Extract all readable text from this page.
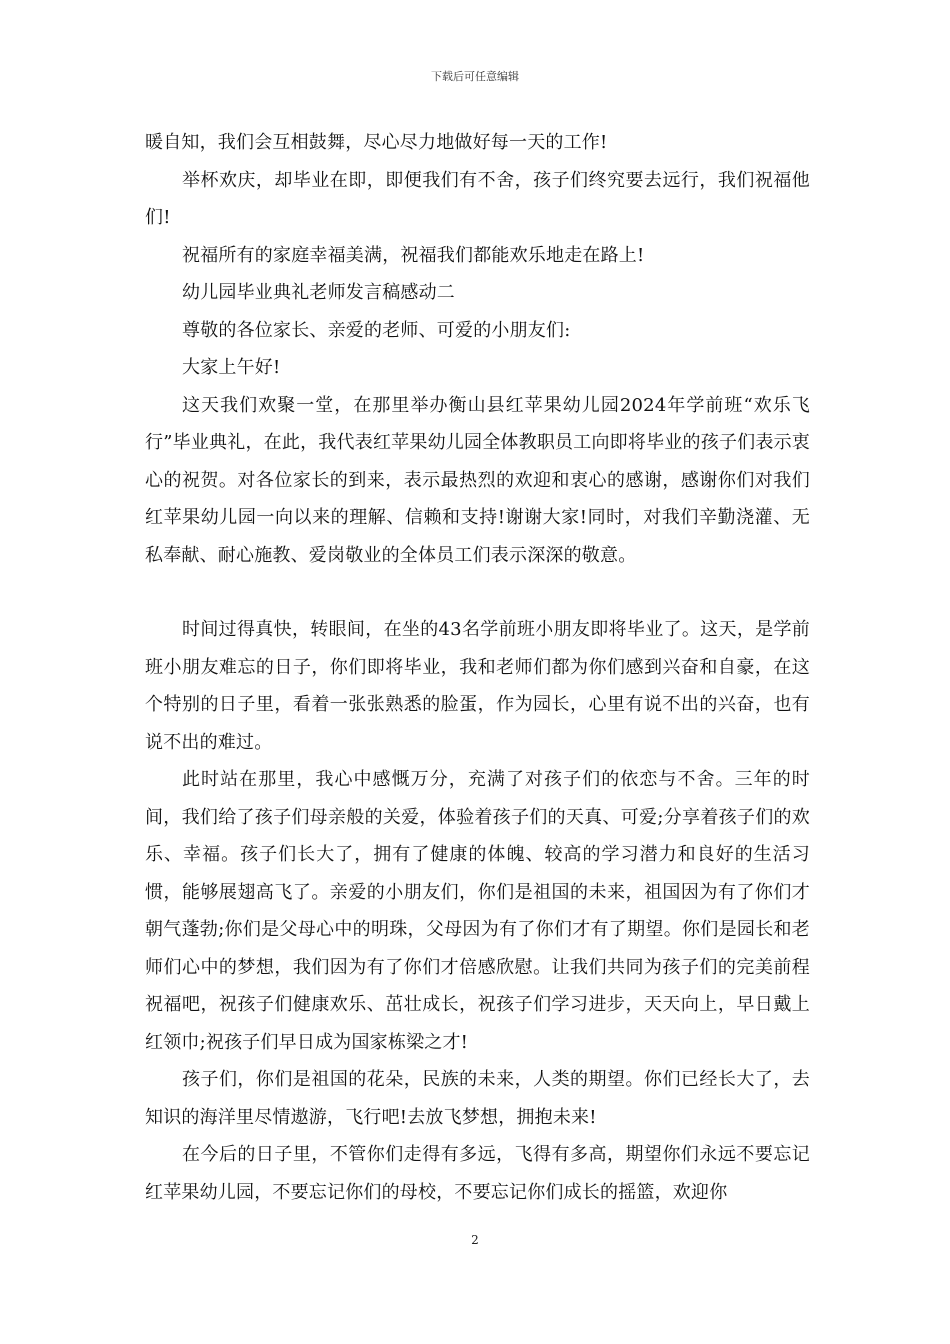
下载后可任意编辑

暖自知，我们会互相鼓舞，尽心尽力地做好每一天的工作!

举杯欢庆，却毕业在即，即便我们有不舍，孩子们终究要去远行，我们祝福他们!

祝福所有的家庭幸福美满，祝福我们都能欢乐地走在路上!

幼儿园毕业典礼老师发言稿感动二

尊敬的各位家长、亲爱的老师、可爱的小朋友们:

大家上午好!

这天我们欢聚一堂，在那里举办衡山县红苹果幼儿园2024年学前班“欢乐飞行”毕业典礼，在此，我代表红苹果幼儿园全体教职员工向即将毕业的孩子们表示衷心的祝贺。对各位家长的到来，表示最热烈的欢迎和衷心的感谢，感谢你们对我们红苹果幼儿园一向以来的理解、信赖和支持!谢谢大家!同时，对我们辛勤浇灌、无私奉献、耐心施教、爱岗敬业的全体员工们表示深深的敬意。

时间过得真快，转眼间，在坐的43名学前班小朋友即将毕业了。这天，是学前班小朋友难忘的日子，你们即将毕业，我和老师们都为你们感到兴奋和自豪，在这个特别的日子里，看着一张张熟悉的脸蛋，作为园长，心里有说不出的兴奋，也有说不出的难过。

此时站在那里，我心中感慨万分，充满了对孩子们的依恋与不舍。三年的时间，我们给了孩子们母亲般的关爱，体验着孩子们的天真、可爱;分享着孩子们的欢乐、幸福。孩子们长大了，拥有了健康的体魄、较高的学习潜力和良好的生活习惯，能够展翅高飞了。亲爱的小朋友们，你们是祖国的未来，祖国因为有了你们才朝气蓬勃;你们是父母心中的明珠，父母因为有了你们才有了期望。你们是园长和老师们心中的梦想，我们因为有了你们才倍感欣慰。让我们共同为孩子们的完美前程祝福吧，祝孩子们健康欢乐、茁壮成长，祝孩子们学习进步，天天向上，早日戴上红领巾;祝孩子们早日成为国家栋梁之才!

孩子们，你们是祖国的花朵，民族的未来，人类的期望。你们已经长大了，去知识的海洋里尽情遨游，飞行吧!去放飞梦想，拥抱未来!

在今后的日子里，不管你们走得有多远，飞得有多高，期望你们永远不要忘记红苹果幼儿园，不要忘记你们的母校，不要忘记你们成长的摇篮，欢迎你

2
